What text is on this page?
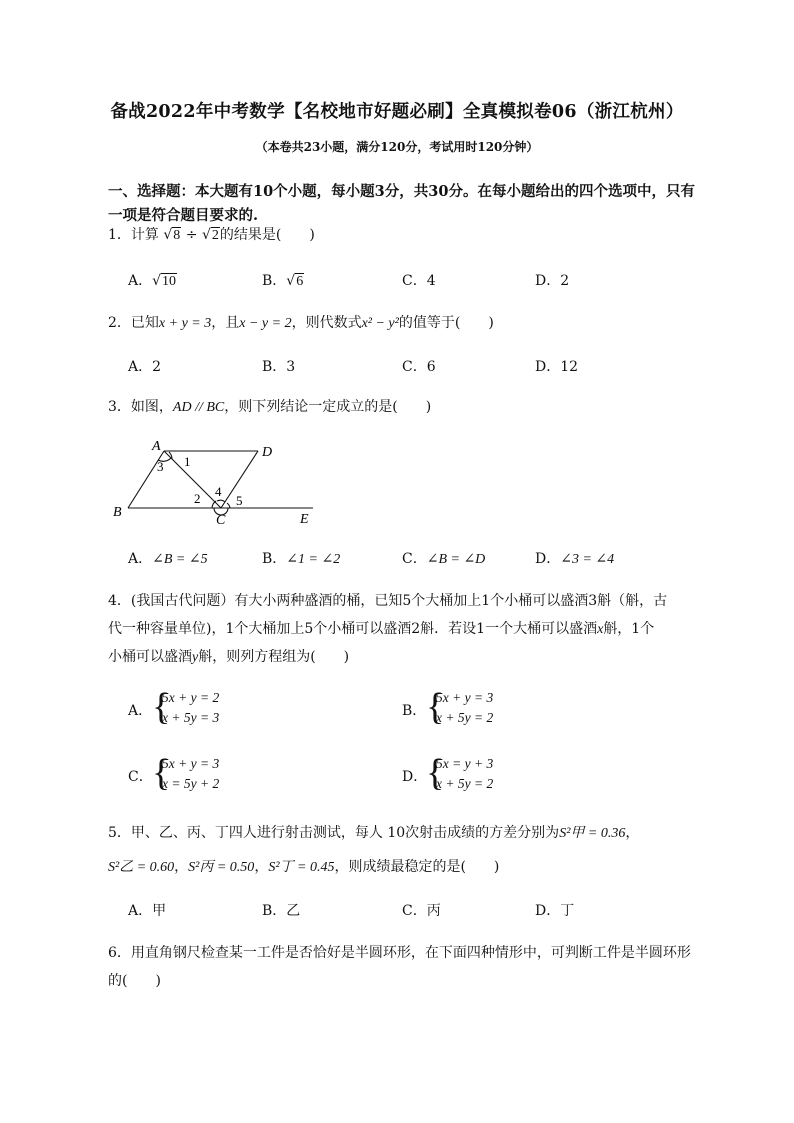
备战2022年中考数学【名校地市好题必刷】全真模拟卷06（浙江杭州）
（本卷共23小题，满分120分，考试用时120分钟）
一、选择题：本大题有10个小题，每小题3分，共30分。在每小题给出的四个选项中，只有一项是符合题目要求的.
1．计算 √8 ÷ √2的结果是(　　)
A．√10	B．√6	C．4	D．2
2．已知x + y = 3，且x − y = 2，则代数式x² − y²的值等于(　　)
A．2	B．3	C．6	D．12
3．如图，AD // BC，则下列结论一定成立的是(　　)
A	D
B
C	E
1
3
2 4
5
A．∠B = ∠5	B．∠1 = ∠2	C．∠B = ∠D	D．∠3 = ∠4
4．(我国古代问题）有大小两种盛酒的桶，已知5个大桶加上1个小桶可以盛酒3斛（斛，古
代一种容量单位)，1个大桶加上5个小桶可以盛酒2斛．若设1一个大桶可以盛酒x斛，1个
小桶可以盛酒y斛，则列方程组为(　　)
A． {
5x + y = 2
x + 5y = 3	B． {
5x + y = 3
x + 5y = 2
C． {
5x + y = 3
x = 5y + 2	D．
{
5x = y + 3
x + 5y = 2
5．甲、乙、丙、丁四人进行射击测试，每人 10次射击成绩的方差分别为S²甲 = 0.36，
S²乙 = 0.60，S²丙 = 0.50，S²丁 = 0.45，则成绩最稳定的是(　　)
A．甲	B．乙	C．丙	D．丁
6．用直角钢尺检查某一工件是否恰好是半圆环形，在下面四种情形中，可判断工件是半圆环形
的(　　)
